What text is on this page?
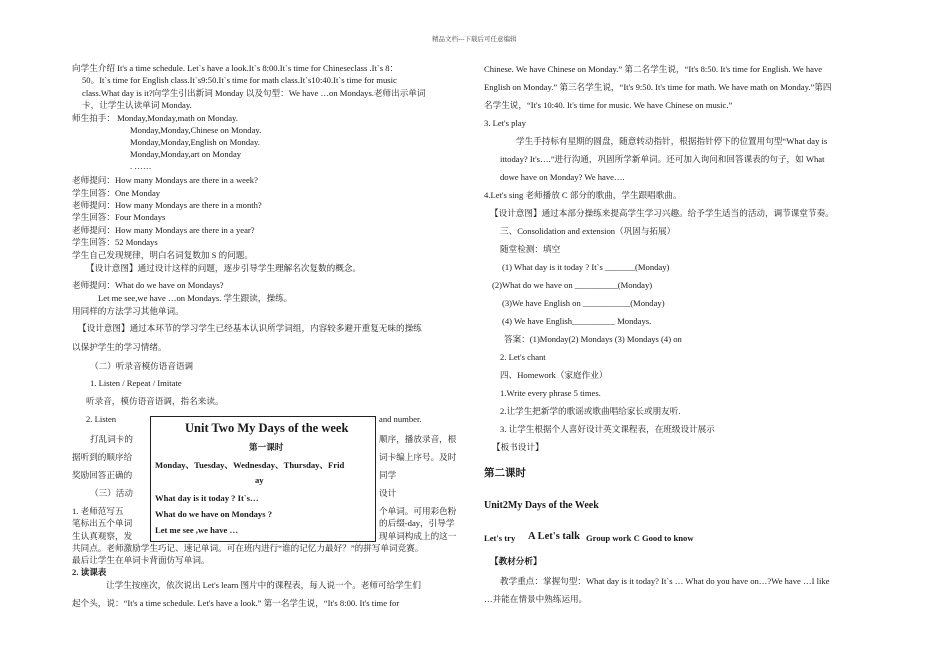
精品文档---下载后可任意编辑
向学生介绍 It's a time schedule. Let`s have a look.It`s 8:00.It`s time for Chineseclass .It`s 8：
50。It`s time for English class.It`s9:50.It`s time for math class.It`s10:40.It`s time for music
class.What day is it?向学生引出新词 Monday 以及句型：We have …on Mondays.老师出示单词
卡，让学生认读单词 Monday.
师生拍手： Monday,Monday,math on Monday.
Monday,Monday,Chinese on Monday.
Monday,Monday,English on Monday.
Monday,Monday,art on Monday
. ……
老师提问：How many Mondays are there in a week?
学生回答：One Monday
老师提问：How many Mondays are there in a month?
学生回答：Four Mondays
老师提问：How many Mondays are there in a year?
学生回答：52 Mondays
学生自己发现规律，明白名词复数加 S 的问题。
【设计意图】通过设计这样的问题，逐步引导学生理解名次复数的概念。
老师提问：What do we have on Mondays?
Let me see,we have …on Mondays. 学生跟读，操练。
用同样的方法学习其他单词。
【设计意图】通过本环节的学习学生已经基本认识所学词组，内容较多避开重复无味的操练
以保护学生的学习情绪。
（二）听录音模仿语音语调
1. Listen / Repeat / Imitate
听录音，模仿语音语调，指名来读。
2. Listen	and number.
打乱词卡的	顺序，播放录音，根
据听到的顺序给	词卡编上序号。及时
奖励回答正确的	同学
（三）活动	设计
1. 老师范写五	个单词。可用彩色粉
笔标出五个单词	的后缀-day，引导学
生认真观察，发	现单词构成上的这一
共同点。老师激励学生巧记、速记单词。可在班内进行“谁的记忆力最好？”的拼写单词竞赛。
最后让学生在单词卡背面仿写单词。
2. 读课表
让学生按座次，依次说出 Let's learn 图片中的课程表，每人说一个。老师可给学生们
起个头，说：“It's a time schedule. Let's have a look.” 第一名学生说，“It's 8:00. It's time for
Unit Two My Days of the week
第一课时
Monday、Tuesday、Wednesday、Thursday、Frid
ay
What day is it today ? It`s…
What do we have on Mondays ?
Let me see ,we have …
Chinese. We have Chinese on Monday.” 第二名学生说，“It's 8:50. It's time for English. We have
English on Monday.” 第三名学生说，“It's 9:50. It's time for math. We have math on Monday.”第四
名学生说，“It's 10:40. It's time for music. We have Chinese on music.”
3. Let's play
学生手持标有星期的圆盘，随意转动指针，根据指针停下的位置用句型“What day is
ittoday? It's….”进行沟通，巩固所学新单词。还可加入询问和回答课表的句子，如 What
dowe have on Monday? We have….
4.Let's sing 老师播放 C 部分的歌曲，学生跟唱歌曲。
【设计意图】通过本部分操练来提高学生学习兴趣。给予学生适当的活动，调节课堂节奏。
三、Consolidation and extension（巩固与拓展）
随堂检测：填空
(1) What day is it today ? It`s _______(Monday)
(2)What do we have on __________(Monday)
(3)We have English on ___________(Monday)
(4) We have English__________ Mondays.
答案：(1)Monday(2) Mondays (3) Mondays (4) on
2. Let's chant
四、Homework（家庭作业）
1.Write every phrase 5 times.
2.让学生把新学的歌谣或歌曲唱给家长或朋友听.
3. 让学生根据个人喜好设计英文课程表，在班级设计展示
【板书设计】
第二课时
Unit2My Days of the Week
Let's try A Let's talk Group work C Good to know
【教材分析】
教学重点：掌握句型：What day is it today? It`s … What do you have on…?We have …I like
…并能在情景中熟练运用。
